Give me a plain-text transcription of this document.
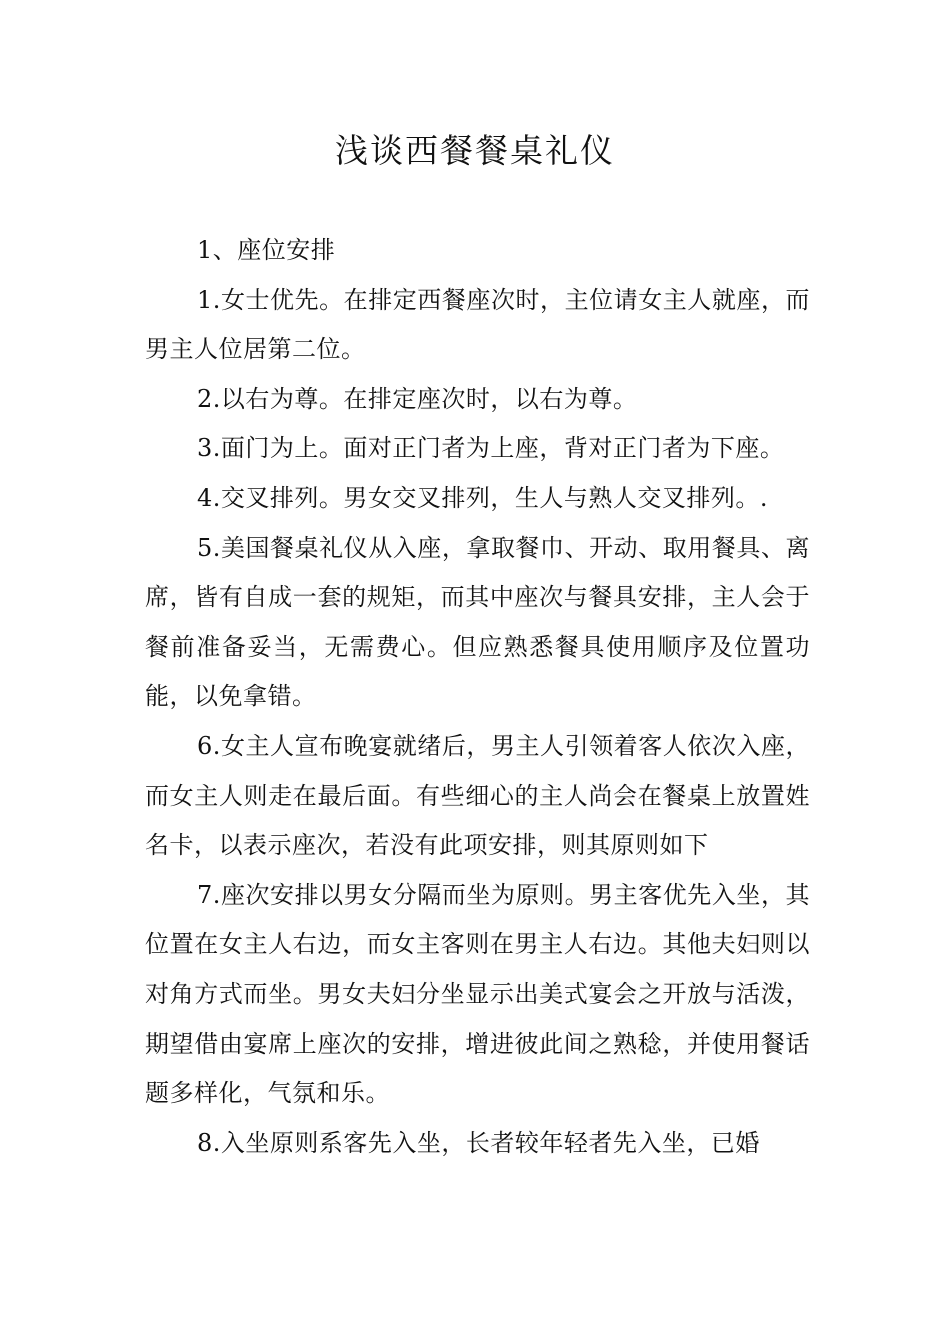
浅谈西餐餐桌礼仪

1、座位安排

1.女士优先。在排定西餐座次时，主位请女主人就座，而男主人位居第二位。

2.以右为尊。在排定座次时，以右为尊。

3.面门为上。面对正门者为上座，背对正门者为下座。

4.交叉排列。男女交叉排列，生人与熟人交叉排列。.

5.美国餐桌礼仪从入座，拿取餐巾、开动、取用餐具、离席，皆有自成一套的规矩，而其中座次与餐具安排，主人会于餐前准备妥当，无需费心。但应熟悉餐具使用顺序及位置功能，以免拿错。

6.女主人宣布晚宴就绪后，男主人引领着客人依次入座，而女主人则走在最后面。有些细心的主人尚会在餐桌上放置姓名卡，以表示座次，若没有此项安排，则其原则如下

7.座次安排以男女分隔而坐为原则。男主客优先入坐，其位置在女主人右边，而女主客则在男主人右边。其他夫妇则以对角方式而坐。男女夫妇分坐显示出美式宴会之开放与活泼，期望借由宴席上座次的安排，增进彼此间之熟稔，并使用餐话题多样化，气氛和乐。

8.入坐原则系客先入坐，长者较年轻者先入坐，已婚
